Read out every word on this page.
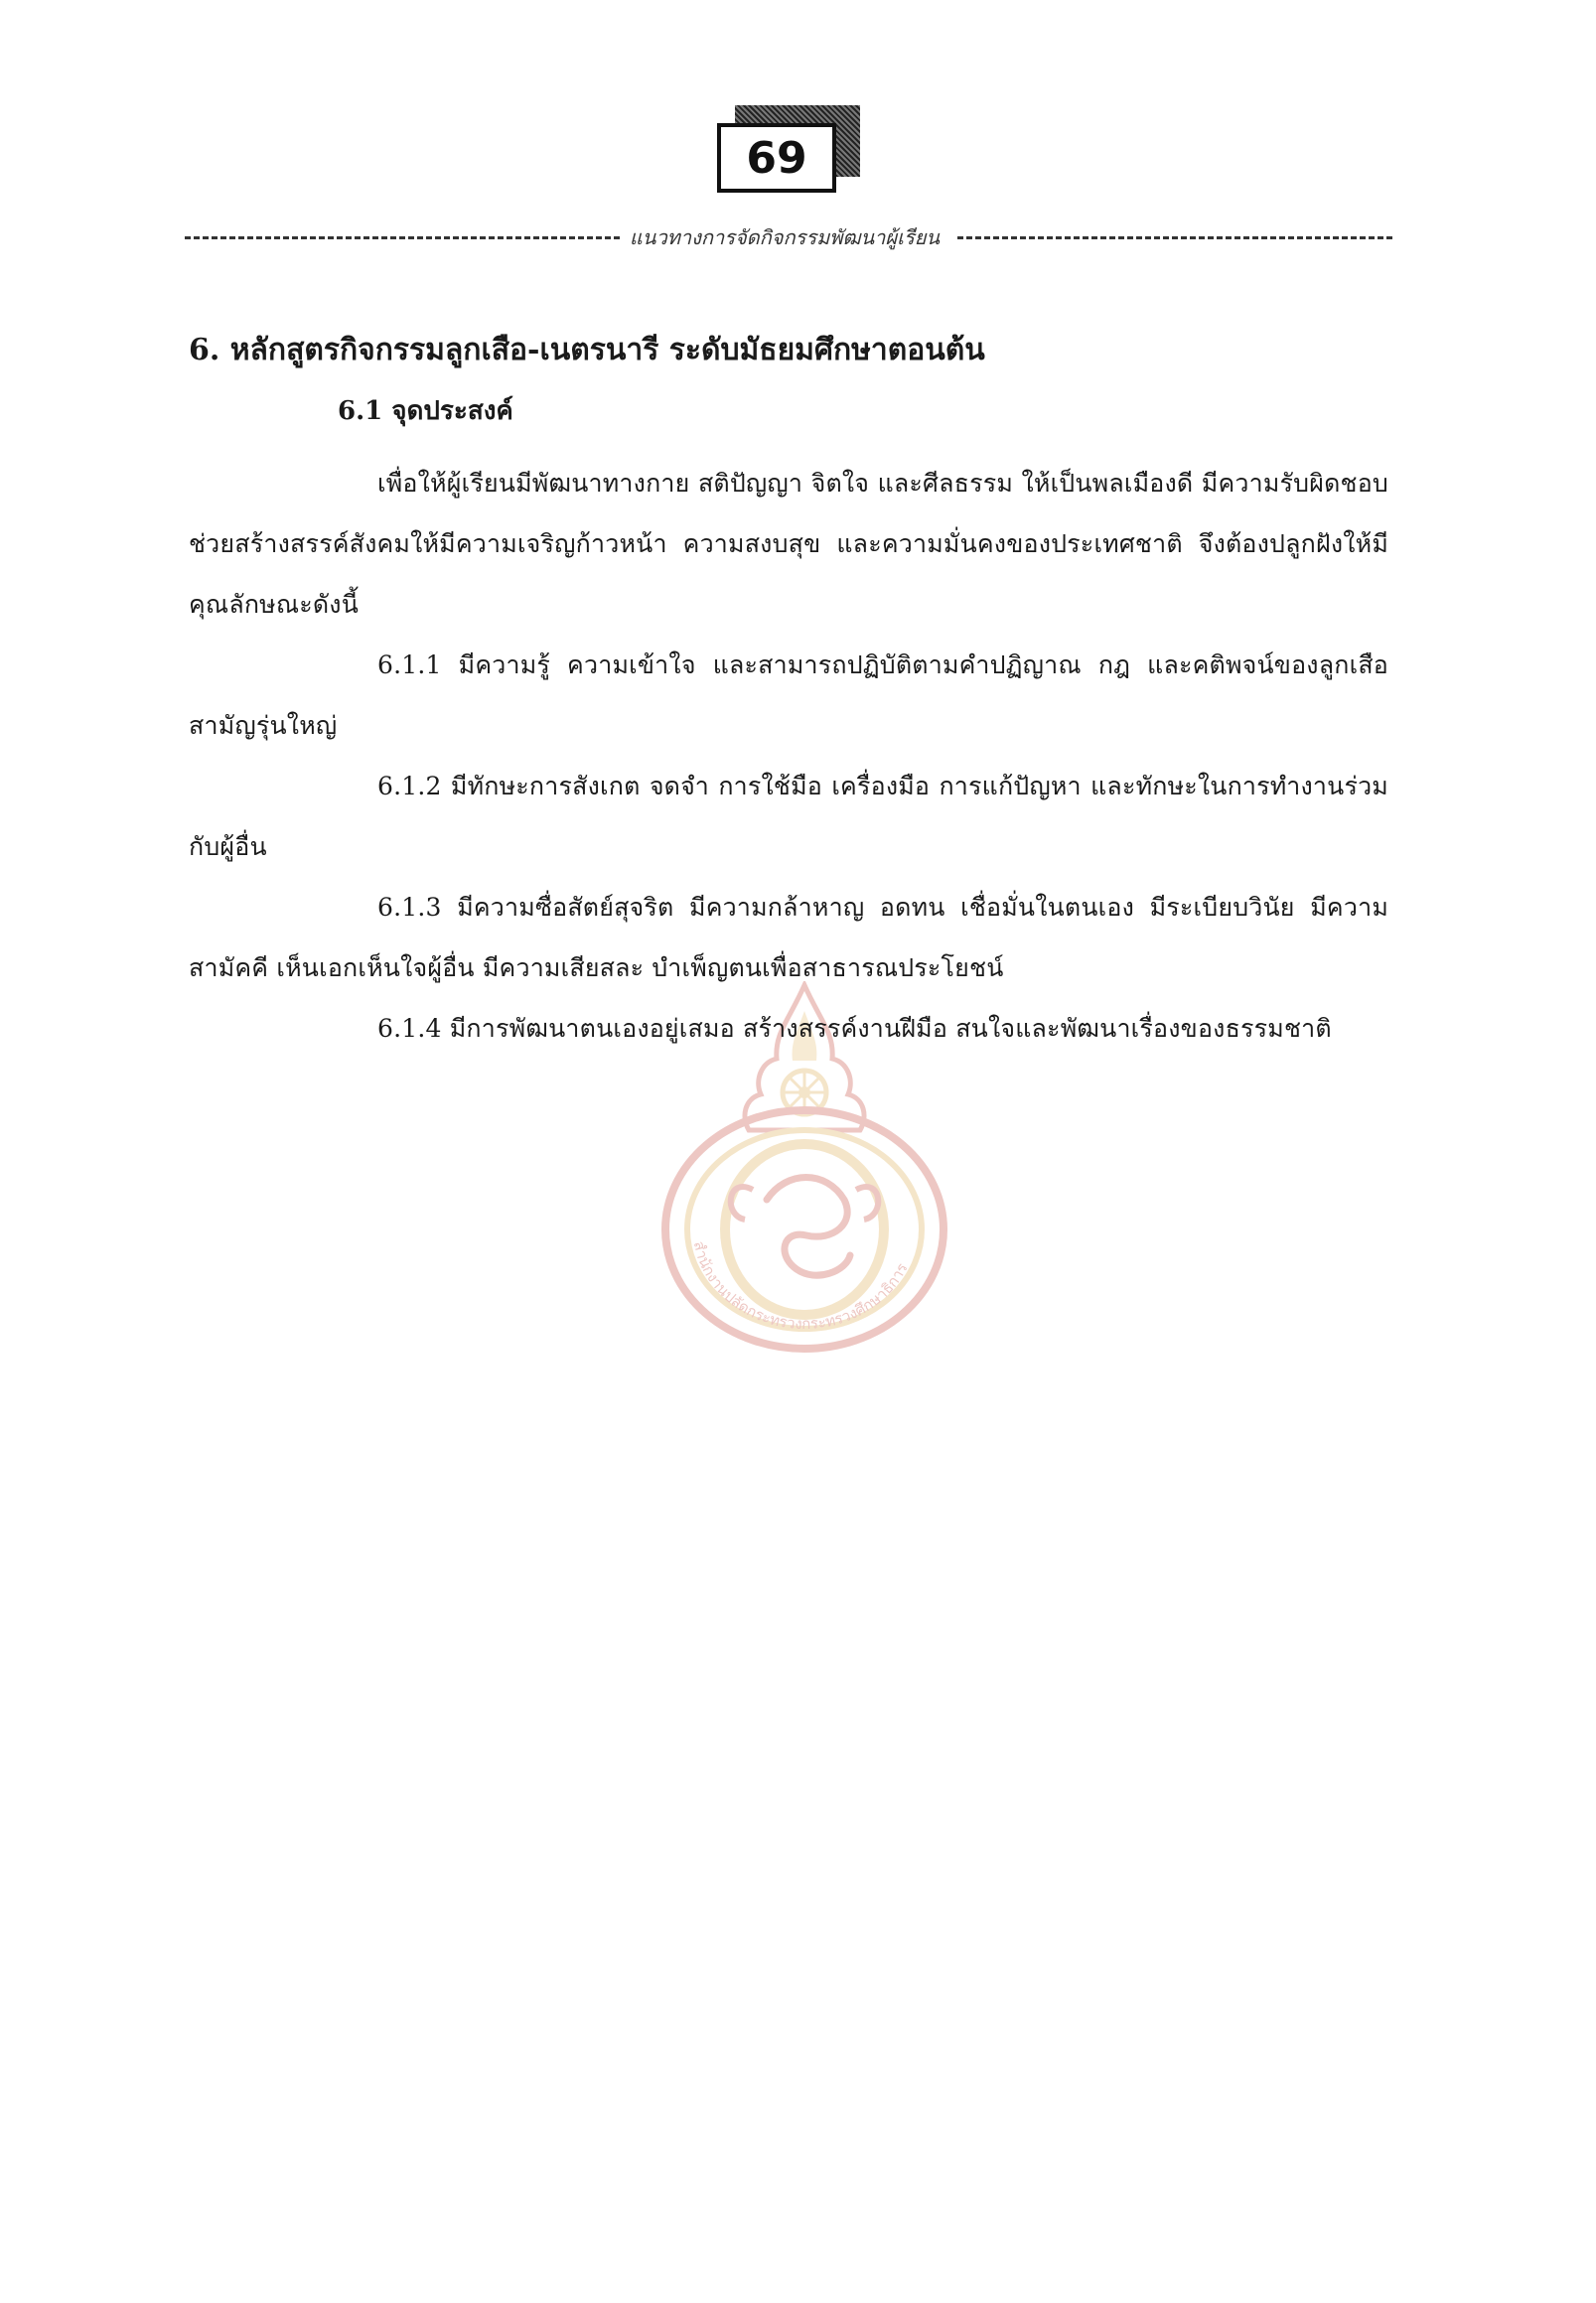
69
แนวทางการจัดกิจกรรมพัฒนาผู้เรียน
สำนักงานปลัดกระทรวงกระทรวงศึกษาธิการ
6. หลักสูตรกิจกรรมลูกเสือ-เนตรนารี ระดับมัธยมศึกษาตอนต้น
6.1 จุดประสงค์

เพื่อให้ผู้เรียนมีพัฒนาทางกาย สติปัญญา จิตใจ และศีลธรรม ให้เป็นพลเมืองดี มีความรับผิดชอบ ช่วยสร้างสรรค์สังคมให้มีความเจริญก้าวหน้า ความสงบสุข และความมั่นคงของประเทศชาติ จึงต้องปลูกฝังให้มีคุณลักษณะดังนี้

6.1.1 มีความรู้ ความเข้าใจ และสามารถปฏิบัติตามคำปฏิญาณ กฎ และคติพจน์ของลูกเสือสามัญรุ่นใหญ่

6.1.2 มีทักษะการสังเกต จดจำ การใช้มือ เครื่องมือ การแก้ปัญหา และทักษะในการทำงานร่วมกับผู้อื่น

6.1.3 มีความซื่อสัตย์สุจริต มีความกล้าหาญ อดทน เชื่อมั่นในตนเอง มีระเบียบวินัย มีความสามัคคี เห็นเอกเห็นใจผู้อื่น มีความเสียสละ บำเพ็ญตนเพื่อสาธารณประโยชน์

6.1.4 มีการพัฒนาตนเองอยู่เสมอ สร้างสรรค์งานฝีมือ สนใจและพัฒนาเรื่องของธรรมชาติ
